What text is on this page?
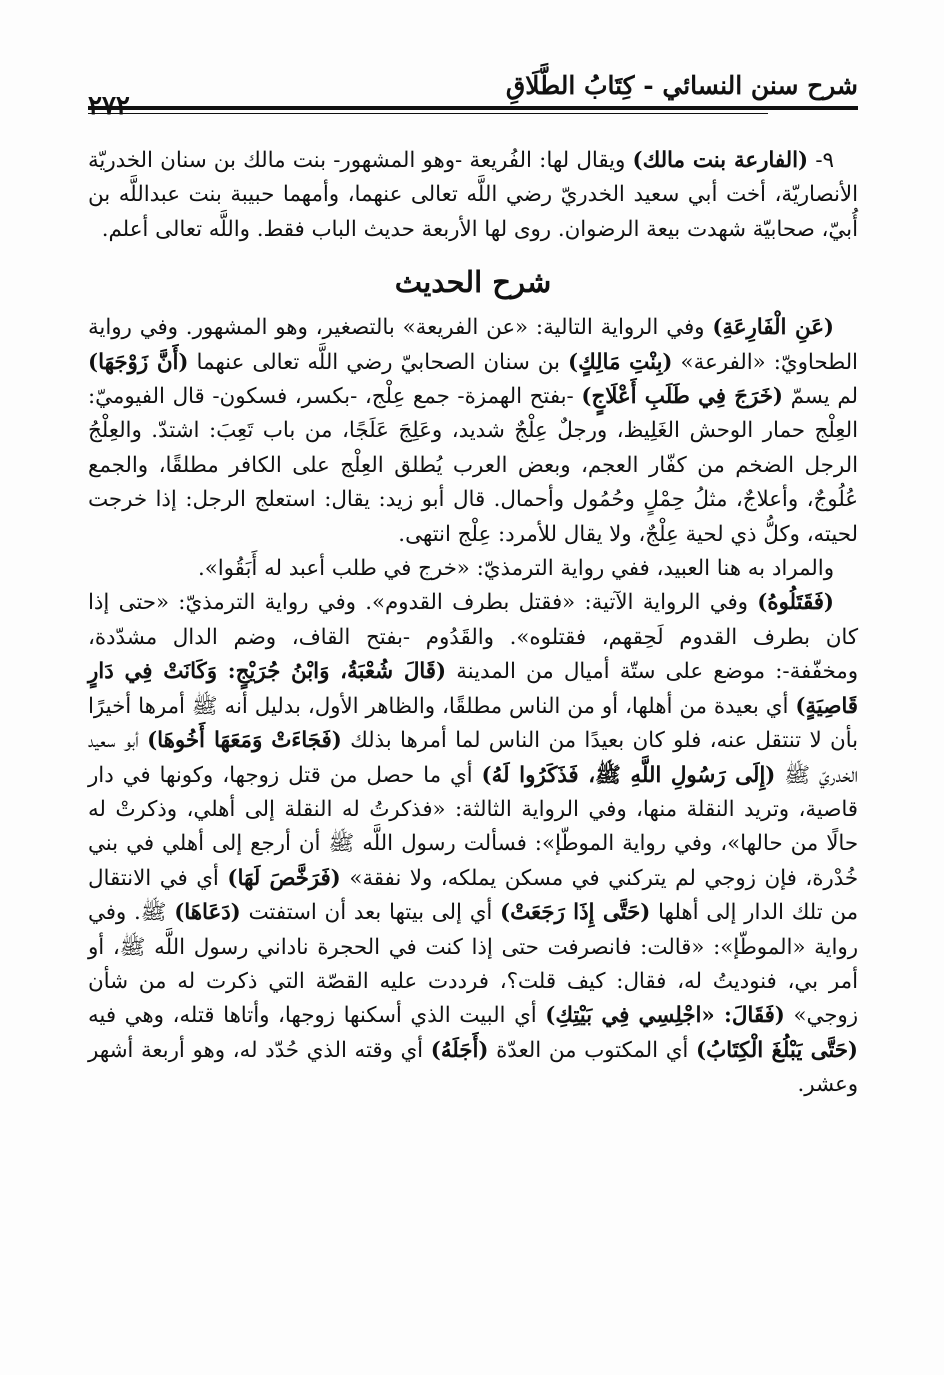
شرح سنن النسائي - كِتَابُ الطَّلَاقِ

٩- (الفارعة بنت مالك) ويقال لها: الفُريعة -وهو المشهور- بنت مالك بن سنان الخدريّة الأنصاريّة، أخت أبي سعيد الخدريّ رضي اللَّه تعالى عنهما، وأمهما حبيبة بنت عبداللَّه بن أُبيّ، صحابيّة شهدت بيعة الرضوان. روى لها الأربعة حديث الباب فقط. واللَّه تعالى أعلم.

شرح الحديث

(عَنِ الْفَارِعَةِ) وفي الرواية التالية: «عن الفريعة» بالتصغير، وهو المشهور. وفي رواية الطحاويّ: «الفرعة» (بِنْتِ مَالِكٍ) بن سنان الصحابيّ رضي اللَّه تعالى عنهما (أَنَّ زَوْجَهَا) لم يسمّ (خَرَجَ فِي طَلَبِ أَعْلَاجٍ) -بفتح الهمزة- جمع عِلْج، -بكسر، فسكون- قال الفيوميّ: العِلْج حمار الوحش الغَلِيظ، ورجلٌ عِلْجٌ شديد، وعَلِجَ عَلَجًا، من باب تَعِبَ: اشتدّ. والعِلْجُ الرجل الضخم من كفّار العجم، وبعض العرب يُطلق العِلْج على الكافر مطلقًا، والجمع عُلُوجٌ، وأعلاجٌ، مثلُ حِمْلٍ وحُمُول وأحمال. قال أبو زيد: يقال: استعلج الرجل: إذا خرجت لحيته، وكلُّ ذي لحية عِلْجٌ، ولا يقال للأمرد: عِلْج انتهى.

والمراد به هنا العبيد، ففي رواية الترمذيّ: «خرج في طلب أعبد له أَبَقُوا».

(فَقَتَلُوهُ) وفي الرواية الآتية: «فقتل بطرف القدوم». وفي رواية الترمذيّ: «حتى إذا كان بطرف القدوم لَحِقهم، فقتلوه». والقَدُوم -بفتح القاف، وضم الدال مشدّدة، ومخفّفة-: موضع على ستّة أميال من المدينة (قَالَ شُعْبَةُ، وَابْنُ جُرَيْجٍ: وَكَانَتْ فِي دَارٍ قَاصِيَةٍ) أي بعيدة من أهلها، أو من الناس مطلقًا، والظاهر الأول، بدليل أنه ﷺ أمرها أخيرًا بأن لا تنتقل عنه، فلو كان بعيدًا من الناس لما أمرها بذلك (فَجَاءَتْ وَمَعَهَا أَخُوهَا) أبو سعيد الخدريّ ﷺ (إِلَى رَسُولِ اللَّهِ ﷺ، فَذَكَرُوا لَهُ) أي ما حصل من قتل زوجها، وكونها في دار قاصية، وتريد النقلة منها، وفي الرواية الثالثة: «فذكرتُ له النقلة إلى أهلي، وذكرتْ له حالًا من حالها»، وفي رواية الموطّإ»: فسألت رسول اللَّه ﷺ أن أرجع إلى أهلي في بني خُدْرة، فإن زوجي لم يتركني في مسكن يملكه، ولا نفقة» (فَرَخَّصَ لَهَا) أي في الانتقال من تلك الدار إلى أهلها (حَتَّى إِذَا رَجَعَتْ) أي إلى بيتها بعد أن استفتت (دَعَاهَا) ﷺ. وفي رواية «الموطّإ»: «قالت: فانصرفت حتى إذا كنت في الحجرة ناداني رسول اللَّه ﷺ، أو أمر بي، فنوديتُ له، فقال: كيف قلت؟، فرددت عليه القصّة التي ذكرت له من شأن زوجي» (فَقَالَ: «اجْلِسِي فِي بَيْتِكِ) أي البيت الذي أسكنها زوجها، وأتاها قتله، وهي فيه (حَتَّى يَبْلُغَ الْكِتَابُ) أي المكتوب من العدّة (أَجَلَهُ) أي وقته الذي حُدّد له، وهو أربعة أشهر وعشر.
